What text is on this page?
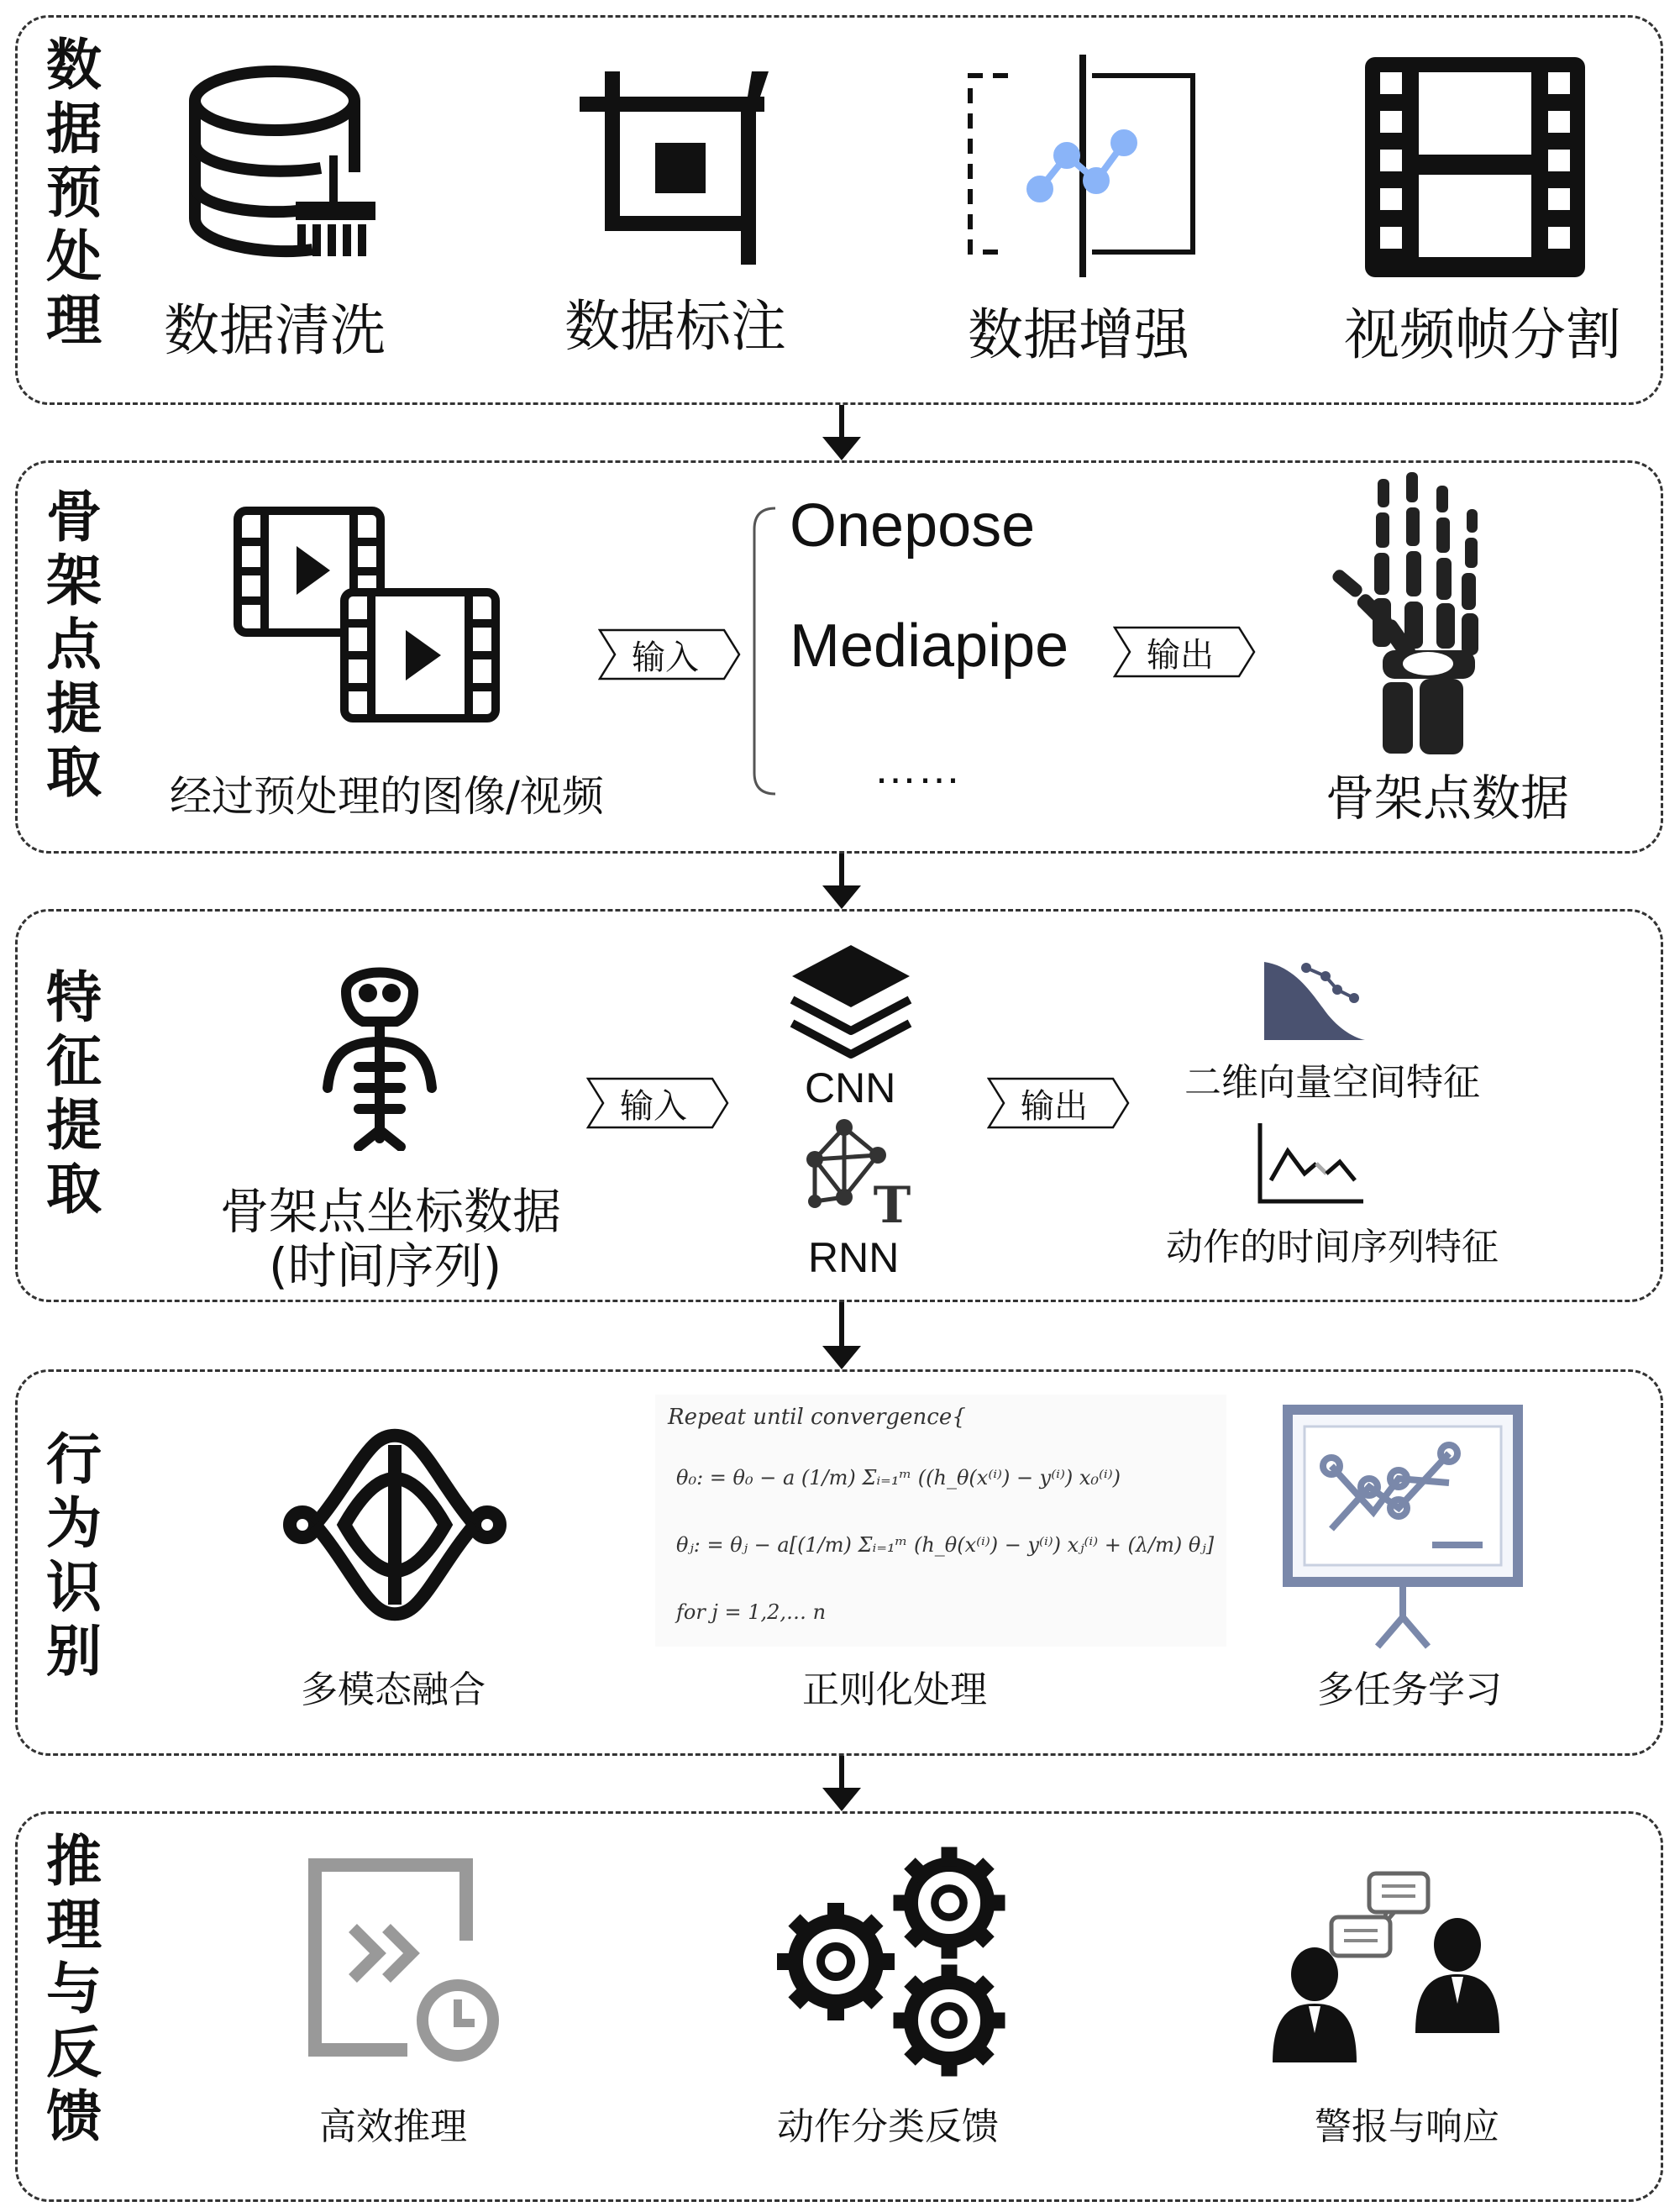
数
据
预
处
理 数据清洗	数据标注	数据增强	视频帧分割
骨
架
点
提
取 经过预处理的图像/视频
输入
Onepose
Mediapipe
……
输出
骨架点数据
特
征
提
取 骨架点坐标数据
(时间序列)
输入	CNN
T
RNN
输出
二维向量空间特征
动作的时间序列特征
行
为
识
别
多模态融合
Repeat until convergence{
θ₀: = θ₀ − a (1/m) Σᵢ₌₁ᵐ ((h_θ(x⁽ⁱ⁾) − y⁽ⁱ⁾) x₀⁽ⁱ⁾)
θⱼ: = θⱼ − a[(1/m) Σᵢ₌₁ᵐ (h_θ(x⁽ⁱ⁾) − y⁽ⁱ⁾) xⱼ⁽ⁱ⁾ + (λ/m) θⱼ]
for j = 1,2,… n
正则化处理	多任务学习
推
理
与
反
馈	高效推理	动作分类反馈	警报与响应
